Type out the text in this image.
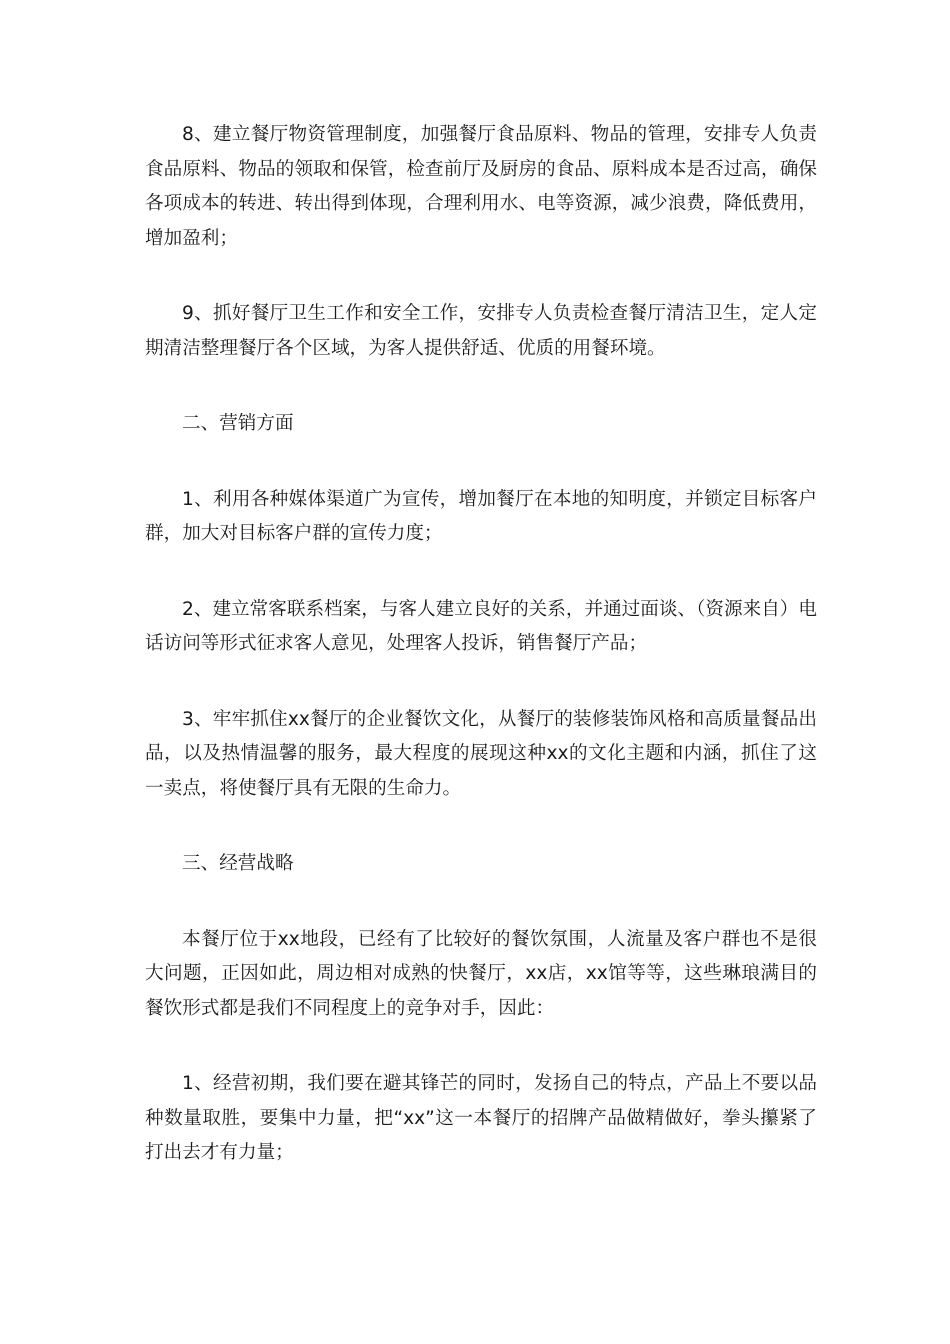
8、建立餐厅物资管理制度，加强餐厅食品原料、物品的管理，安排专人负责食品原料、物品的领取和保管，检查前厅及厨房的食品、原料成本是否过高，确保各项成本的转进、转出得到体现，合理利用水、电等资源，减少浪费，降低费用，增加盈利；

9、抓好餐厅卫生工作和安全工作，安排专人负责检查餐厅清洁卫生，定人定期清洁整理餐厅各个区域，为客人提供舒适、优质的用餐环境。

二、营销方面

1、利用各种媒体渠道广为宣传，增加餐厅在本地的知明度，并锁定目标客户群，加大对目标客户群的宣传力度；

2、建立常客联系档案，与客人建立良好的关系，并通过面谈、（资源来自）电话访问等形式征求客人意见，处理客人投诉，销售餐厅产品；

3、牢牢抓住xx餐厅的企业餐饮文化，从餐厅的装修装饰风格和高质量餐品出品，以及热情温馨的服务，最大程度的展现这种xx的文化主题和内涵，抓住了这一卖点，将使餐厅具有无限的生命力。

三、经营战略

本餐厅位于xx地段，已经有了比较好的餐饮氛围，人流量及客户群也不是很大问题，正因如此，周边相对成熟的快餐厅，xx店，xx馆等等，这些琳琅满目的餐饮形式都是我们不同程度上的竞争对手，因此：

1、经营初期，我们要在避其锋芒的同时，发扬自己的特点，产品上不要以品种数量取胜，要集中力量，把“xx”这一本餐厅的招牌产品做精做好，拳头攥紧了打出去才有力量；
